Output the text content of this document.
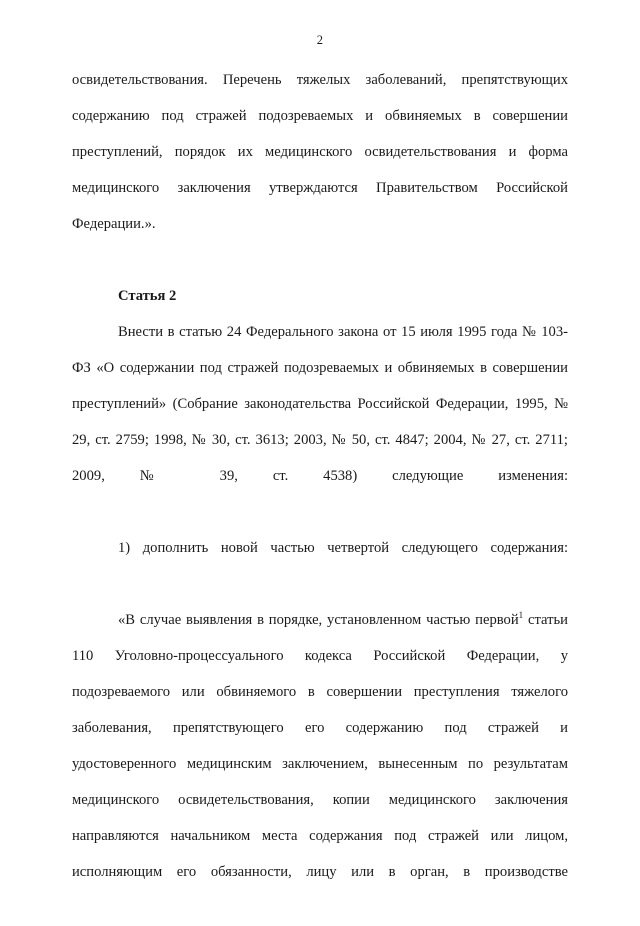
2

освидетельствования. Перечень тяжелых заболеваний, препятствующих содержанию под стражей подозреваемых и обвиняемых в совершении преступлений, порядок их медицинского освидетельствования и форма медицинского заключения утверждаются Правительством Российской Федерации.».

Статья 2

Внести в статью 24 Федерального закона от 15 июля 1995 года № 103-ФЗ «О содержании под стражей подозреваемых и обвиняемых в совершении преступлений» (Собрание законодательства Российской Федерации, 1995, № 29, ст. 2759; 1998, № 30, ст. 3613; 2003, № 50, ст. 4847; 2004, № 27, ст. 2711; 2009, № 39, ст. 4538) следующие изменения:

1) дополнить новой частью четвертой следующего содержания:

«В случае выявления в порядке, установленном частью первой$^1$ статьи 110 Уголовно-процессуального кодекса Российской Федерации, у подозреваемого или обвиняемого в совершении преступления тяжелого заболевания, препятствующего его содержанию под стражей и удостоверенного медицинским заключением, вынесенным по результатам медицинского освидетельствования, копии медицинского заключения направляются начальником места содержания под стражей или лицом, исполняющим его обязанности, лицу или в орган, в производстве
